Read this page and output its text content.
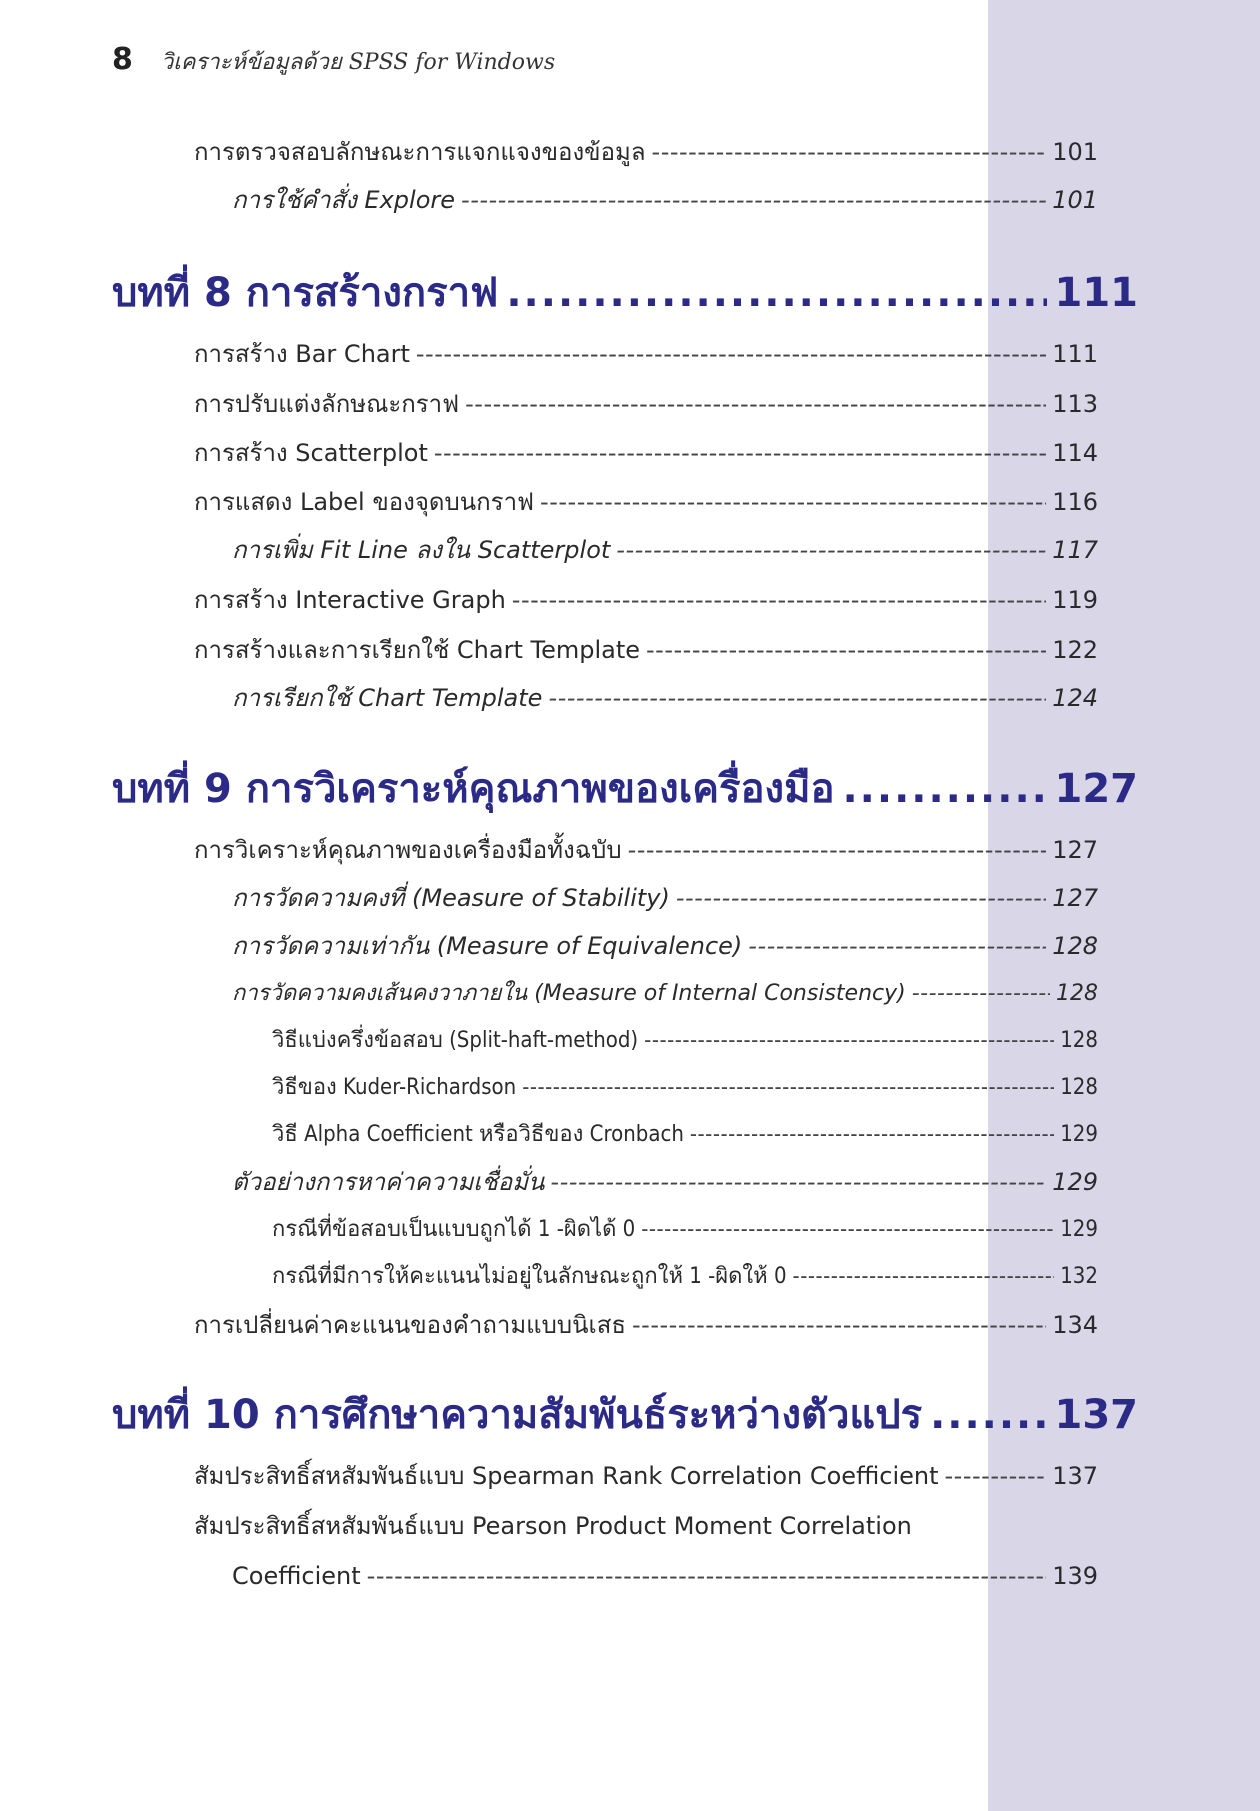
8 วิเคราะห์ข้อมูลด้วย SPSS for Windows
การตรวจสอบลักษณะการแจกแจงของข้อมูล -----	101
การใช้คำสั่ง Explore -----	101
บทที่ 8 การสร้างกราฟ .....	111
การสร้าง Bar Chart -----	111
การปรับแต่งลักษณะกราฟ -----	113
การสร้าง Scatterplot -----	114
การแสดง Label ของจุดบนกราฟ -----	116
การเพิ่ม Fit Line ลงใน Scatterplot -----	117
การสร้าง Interactive Graph -----	119
การสร้างและการเรียกใช้ Chart Template -----	122
การเรียกใช้ Chart Template -----	124
บทที่ 9 การวิเคราะห์คุณภาพของเครื่องมือ .....	127
การวิเคราะห์คุณภาพของเครื่องมือทั้งฉบับ -----	127
การวัดความคงที่ (Measure of Stability) -----	127
การวัดความเท่ากัน (Measure of Equivalence) -----	128
การวัดความคงเส้นคงวาภายใน (Measure of Internal Consistency) -----	128
วิธีแบ่งครึ่งข้อสอบ (Split-haft-method) -----	128
วิธีของ Kuder-Richardson -----	128
วิธี Alpha Coefficient หรือวิธีของ Cronbach -----	129
ตัวอย่างการหาค่าความเชื่อมั่น -----	129
กรณีที่ข้อสอบเป็นแบบถูกได้ 1 -ผิดได้ 0 -----	129
กรณีที่มีการให้คะแนนไม่อยู่ในลักษณะถูกให้ 1 -ผิดให้ 0 -----	132
การเปลี่ยนค่าคะแนนของคำถามแบบนิเสธ -----	134
บทที่ 10 การศึกษาความสัมพันธ์ระหว่างตัวแปร .....	137
สัมประสิทธิ์สหสัมพันธ์แบบ Spearman Rank Correlation Coefficient -----	137
สัมประสิทธิ์สหสัมพันธ์แบบ Pearson Product Moment Correlation
Coefficient -----	139
